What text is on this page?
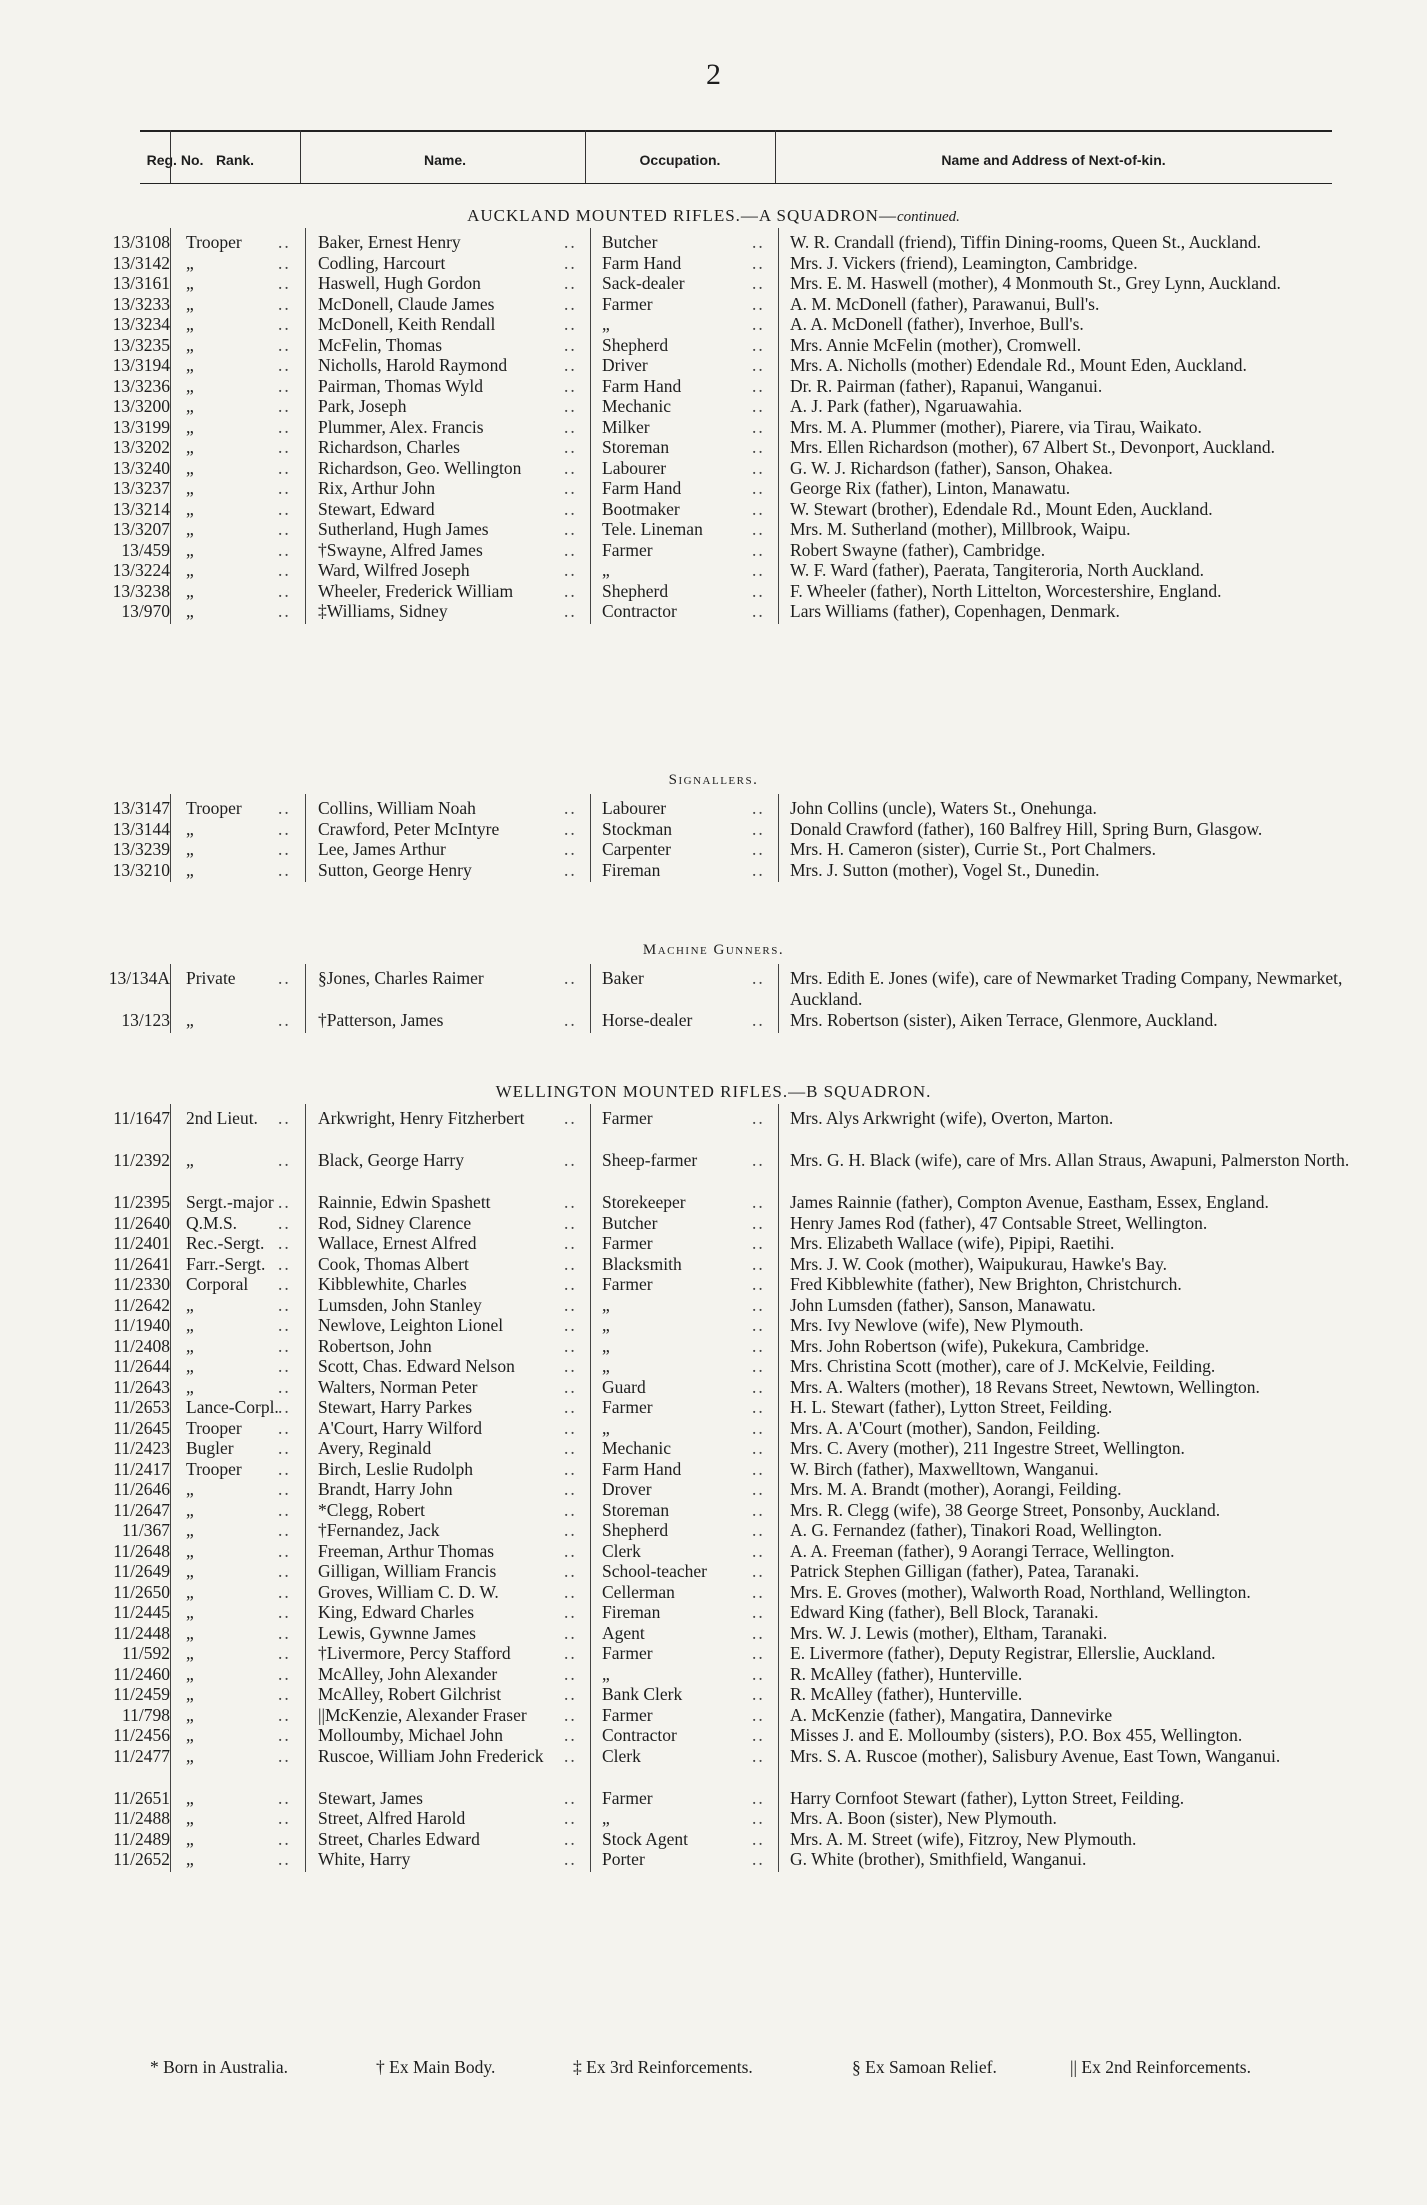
2
Reg. No. Rank.	Name.	Occupation.	Name and Address of Next-of-kin.
AUCKLAND MOUNTED RIFLES.—A SQUADRON—continued.
13/3108 Trooper	Baker, Ernest Henry	Butcher	W. R. Crandall (friend), Tiffin Dining-rooms, Queen St., Auckland.
..	..	..
13/3142 „	Codling, Harcourt	Farm Hand	Mrs. J. Vickers (friend), Leamington, Cambridge.
..	..	..
13/3161 „	Haswell, Hugh Gordon	Sack-dealer	Mrs. E. M. Haswell (mother), 4 Monmouth St., Grey Lynn, Auckland.
..	..	..
13/3233 „	McDonell, Claude James	Farmer	A. M. McDonell (father), Parawanui, Bull's.
..	..	..
13/3234 „	McDonell, Keith Rendall	„	A. A. McDonell (father), Inverhoe, Bull's.
..	..	..
13/3235 „	McFelin, Thomas	Shepherd	Mrs. Annie McFelin (mother), Cromwell.
..	..	..
13/3194 „	Nicholls, Harold Raymond	Driver	Mrs. A. Nicholls (mother) Edendale Rd., Mount Eden, Auckland.
..	..	..
13/3236 „	Pairman, Thomas Wyld	Farm Hand	Dr. R. Pairman (father), Rapanui, Wanganui.
..	..	..
13/3200 „	Park, Joseph	Mechanic	A. J. Park (father), Ngaruawahia.
..	..	..
13/3199 „	Plummer, Alex. Francis	Milker	Mrs. M. A. Plummer (mother), Piarere, via Tirau, Waikato.
..	..	..
13/3202 „	Richardson, Charles	Storeman	Mrs. Ellen Richardson (mother), 67 Albert St., Devonport, Auckland.
..	..	..
13/3240 „	Richardson, Geo. Wellington	Labourer	G. W. J. Richardson (father), Sanson, Ohakea.
..	..	..
13/3237 „	Rix, Arthur John	Farm Hand	George Rix (father), Linton, Manawatu.
..	..	..
13/3214 „	Stewart, Edward	Bootmaker	W. Stewart (brother), Edendale Rd., Mount Eden, Auckland.
..	..	..
13/3207 „	Sutherland, Hugh James	Tele. Lineman	Mrs. M. Sutherland (mother), Millbrook, Waipu.
..	..	..
13/459 „	†Swayne, Alfred James	Farmer	Robert Swayne (father), Cambridge.
..	..	..
13/3224 „	Ward, Wilfred Joseph	„	W. F. Ward (father), Paerata, Tangiteroria, North Auckland.
..	..	..
13/3238 „	Wheeler, Frederick William	Shepherd	F. Wheeler (father), North Littelton, Worcestershire, England.
..	..	..
13/970 „	‡Williams, Sidney	Contractor	Lars Williams (father), Copenhagen, Denmark.
..	..	..
Signallers.
13/3147 Trooper	Collins, William Noah	Labourer	John Collins (uncle), Waters St., Onehunga.
..	..	..
13/3144 „	Crawford, Peter McIntyre	Stockman	Donald Crawford (father), 160 Balfrey Hill, Spring Burn, Glasgow.
..	..	..
13/3239 „	Lee, James Arthur	Carpenter	Mrs. H. Cameron (sister), Currie St., Port Chalmers.
..	..	..
13/3210 „	Sutton, George Henry	Fireman	Mrs. J. Sutton (mother), Vogel St., Dunedin.
..	..	..
Machine Gunners.
13/134A Private	§Jones, Charles Raimer	Baker	Mrs. Edith E. Jones (wife), care of Newmarket Trading Company, Newmarket, Auckland.
..	..	..
13/123 „	†Patterson, James	Horse-dealer	Mrs. Robertson (sister), Aiken Terrace, Glenmore, Auckland.
..	..	..
WELLINGTON MOUNTED RIFLES.—B SQUADRON.
11/1647 2nd Lieut.	Arkwright, Henry Fitzherbert	Farmer	Mrs. Alys Arkwright (wife), Overton, Marton.
..	..	..
11/2392 „	Black, George Harry	Sheep-farmer	Mrs. G. H. Black (wife), care of Mrs. Allan Straus, Awapuni, Palmerston North.
..	..	..
11/2395 Sergt.-major	Rainnie, Edwin Spashett	Storekeeper	James Rainnie (father), Compton Avenue, Eastham, Essex, England.
..	..	..
11/2640 Q.M.S.	Rod, Sidney Clarence	Butcher	Henry James Rod (father), 47 Contsable Street, Wellington.
..	..	..
11/2401 Rec.-Sergt.	Wallace, Ernest Alfred	Farmer	Mrs. Elizabeth Wallace (wife), Pipipi, Raetihi.
..	..	..
11/2641 Farr.-Sergt.	Cook, Thomas Albert	Blacksmith	Mrs. J. W. Cook (mother), Waipukurau, Hawke's Bay.
..	..	..
11/2330 Corporal	Kibblewhite, Charles	Farmer	Fred Kibblewhite (father), New Brighton, Christchurch.
..	..	..
11/2642 „	Lumsden, John Stanley	„	John Lumsden (father), Sanson, Manawatu.
..	..	..
11/1940 „	Newlove, Leighton Lionel	„	Mrs. Ivy Newlove (wife), New Plymouth.
..	..	..
11/2408 „	Robertson, John	„	Mrs. John Robertson (wife), Pukekura, Cambridge.
..	..	..
11/2644 „	Scott, Chas. Edward Nelson	„	Mrs. Christina Scott (mother), care of J. McKelvie, Feilding.
..	..	..
11/2643 „	Walters, Norman Peter	Guard	Mrs. A. Walters (mother), 18 Revans Street, Newtown, Wellington.
..	..	..
11/2653 Lance-Corpl.	Stewart, Harry Parkes	Farmer	H. L. Stewart (father), Lytton Street, Feilding.
..	..	..
11/2645 Trooper	A'Court, Harry Wilford	„	Mrs. A. A'Court (mother), Sandon, Feilding.
..	..	..
11/2423 Bugler	Avery, Reginald	Mechanic	Mrs. C. Avery (mother), 211 Ingestre Street, Wellington.
..	..	..
11/2417 Trooper	Birch, Leslie Rudolph	Farm Hand	W. Birch (father), Maxwelltown, Wanganui.
..	..	..
11/2646 „	Brandt, Harry John	Drover	Mrs. M. A. Brandt (mother), Aorangi, Feilding.
..	..	..
11/2647 „	*Clegg, Robert	Storeman	Mrs. R. Clegg (wife), 38 George Street, Ponsonby, Auckland.
..	..	..
11/367 „	†Fernandez, Jack	Shepherd	A. G. Fernandez (father), Tinakori Road, Wellington.
..	..	..
11/2648 „	Freeman, Arthur Thomas	Clerk	A. A. Freeman (father), 9 Aorangi Terrace, Wellington.
..	..	..
11/2649 „	Gilligan, William Francis	School-teacher	Patrick Stephen Gilligan (father), Patea, Taranaki.
..	..	..
11/2650 „	Groves, William C. D. W.	Cellerman	Mrs. E. Groves (mother), Walworth Road, Northland, Wellington.
..	..	..
11/2445 „	King, Edward Charles	Fireman	Edward King (father), Bell Block, Taranaki.
..	..	..
11/2448 „	Lewis, Gywnne James	Agent	Mrs. W. J. Lewis (mother), Eltham, Taranaki.
..	..	..
11/592 „	†Livermore, Percy Stafford	Farmer	E. Livermore (father), Deputy Registrar, Ellerslie, Auckland.
..	..	..
11/2460 „	McAlley, John Alexander	„	R. McAlley (father), Hunterville.
..	..	..
11/2459 „	McAlley, Robert Gilchrist	Bank Clerk	R. McAlley (father), Hunterville.
..	..	..
11/798 „	||McKenzie, Alexander Fraser	Farmer	A. McKenzie (father), Mangatira, Dannevirke
..	..	..
11/2456 „	Molloumby, Michael John	Contractor	Misses J. and E. Molloumby (sisters), P.O. Box 455, Wellington.
..	..	..
11/2477 „	Ruscoe, William John Frederick	Clerk	Mrs. S. A. Ruscoe (mother), Salisbury Avenue, East Town, Wanganui.
..	..	..
11/2651 „	Stewart, James	Farmer	Harry Cornfoot Stewart (father), Lytton Street, Feilding.
..	..	..
11/2488 „	Street, Alfred Harold	„	Mrs. A. Boon (sister), New Plymouth.
..	..	..
11/2489 „	Street, Charles Edward	Stock Agent	Mrs. A. M. Street (wife), Fitzroy, New Plymouth.
..	..	..
11/2652 „	White, Harry	Porter	G. White (brother), Smithfield, Wanganui.
..	..	..
* Born in Australia.	† Ex Main Body.	‡ Ex 3rd Reinforcements.	§ Ex Samoan Relief.	|| Ex 2nd Reinforcements.
